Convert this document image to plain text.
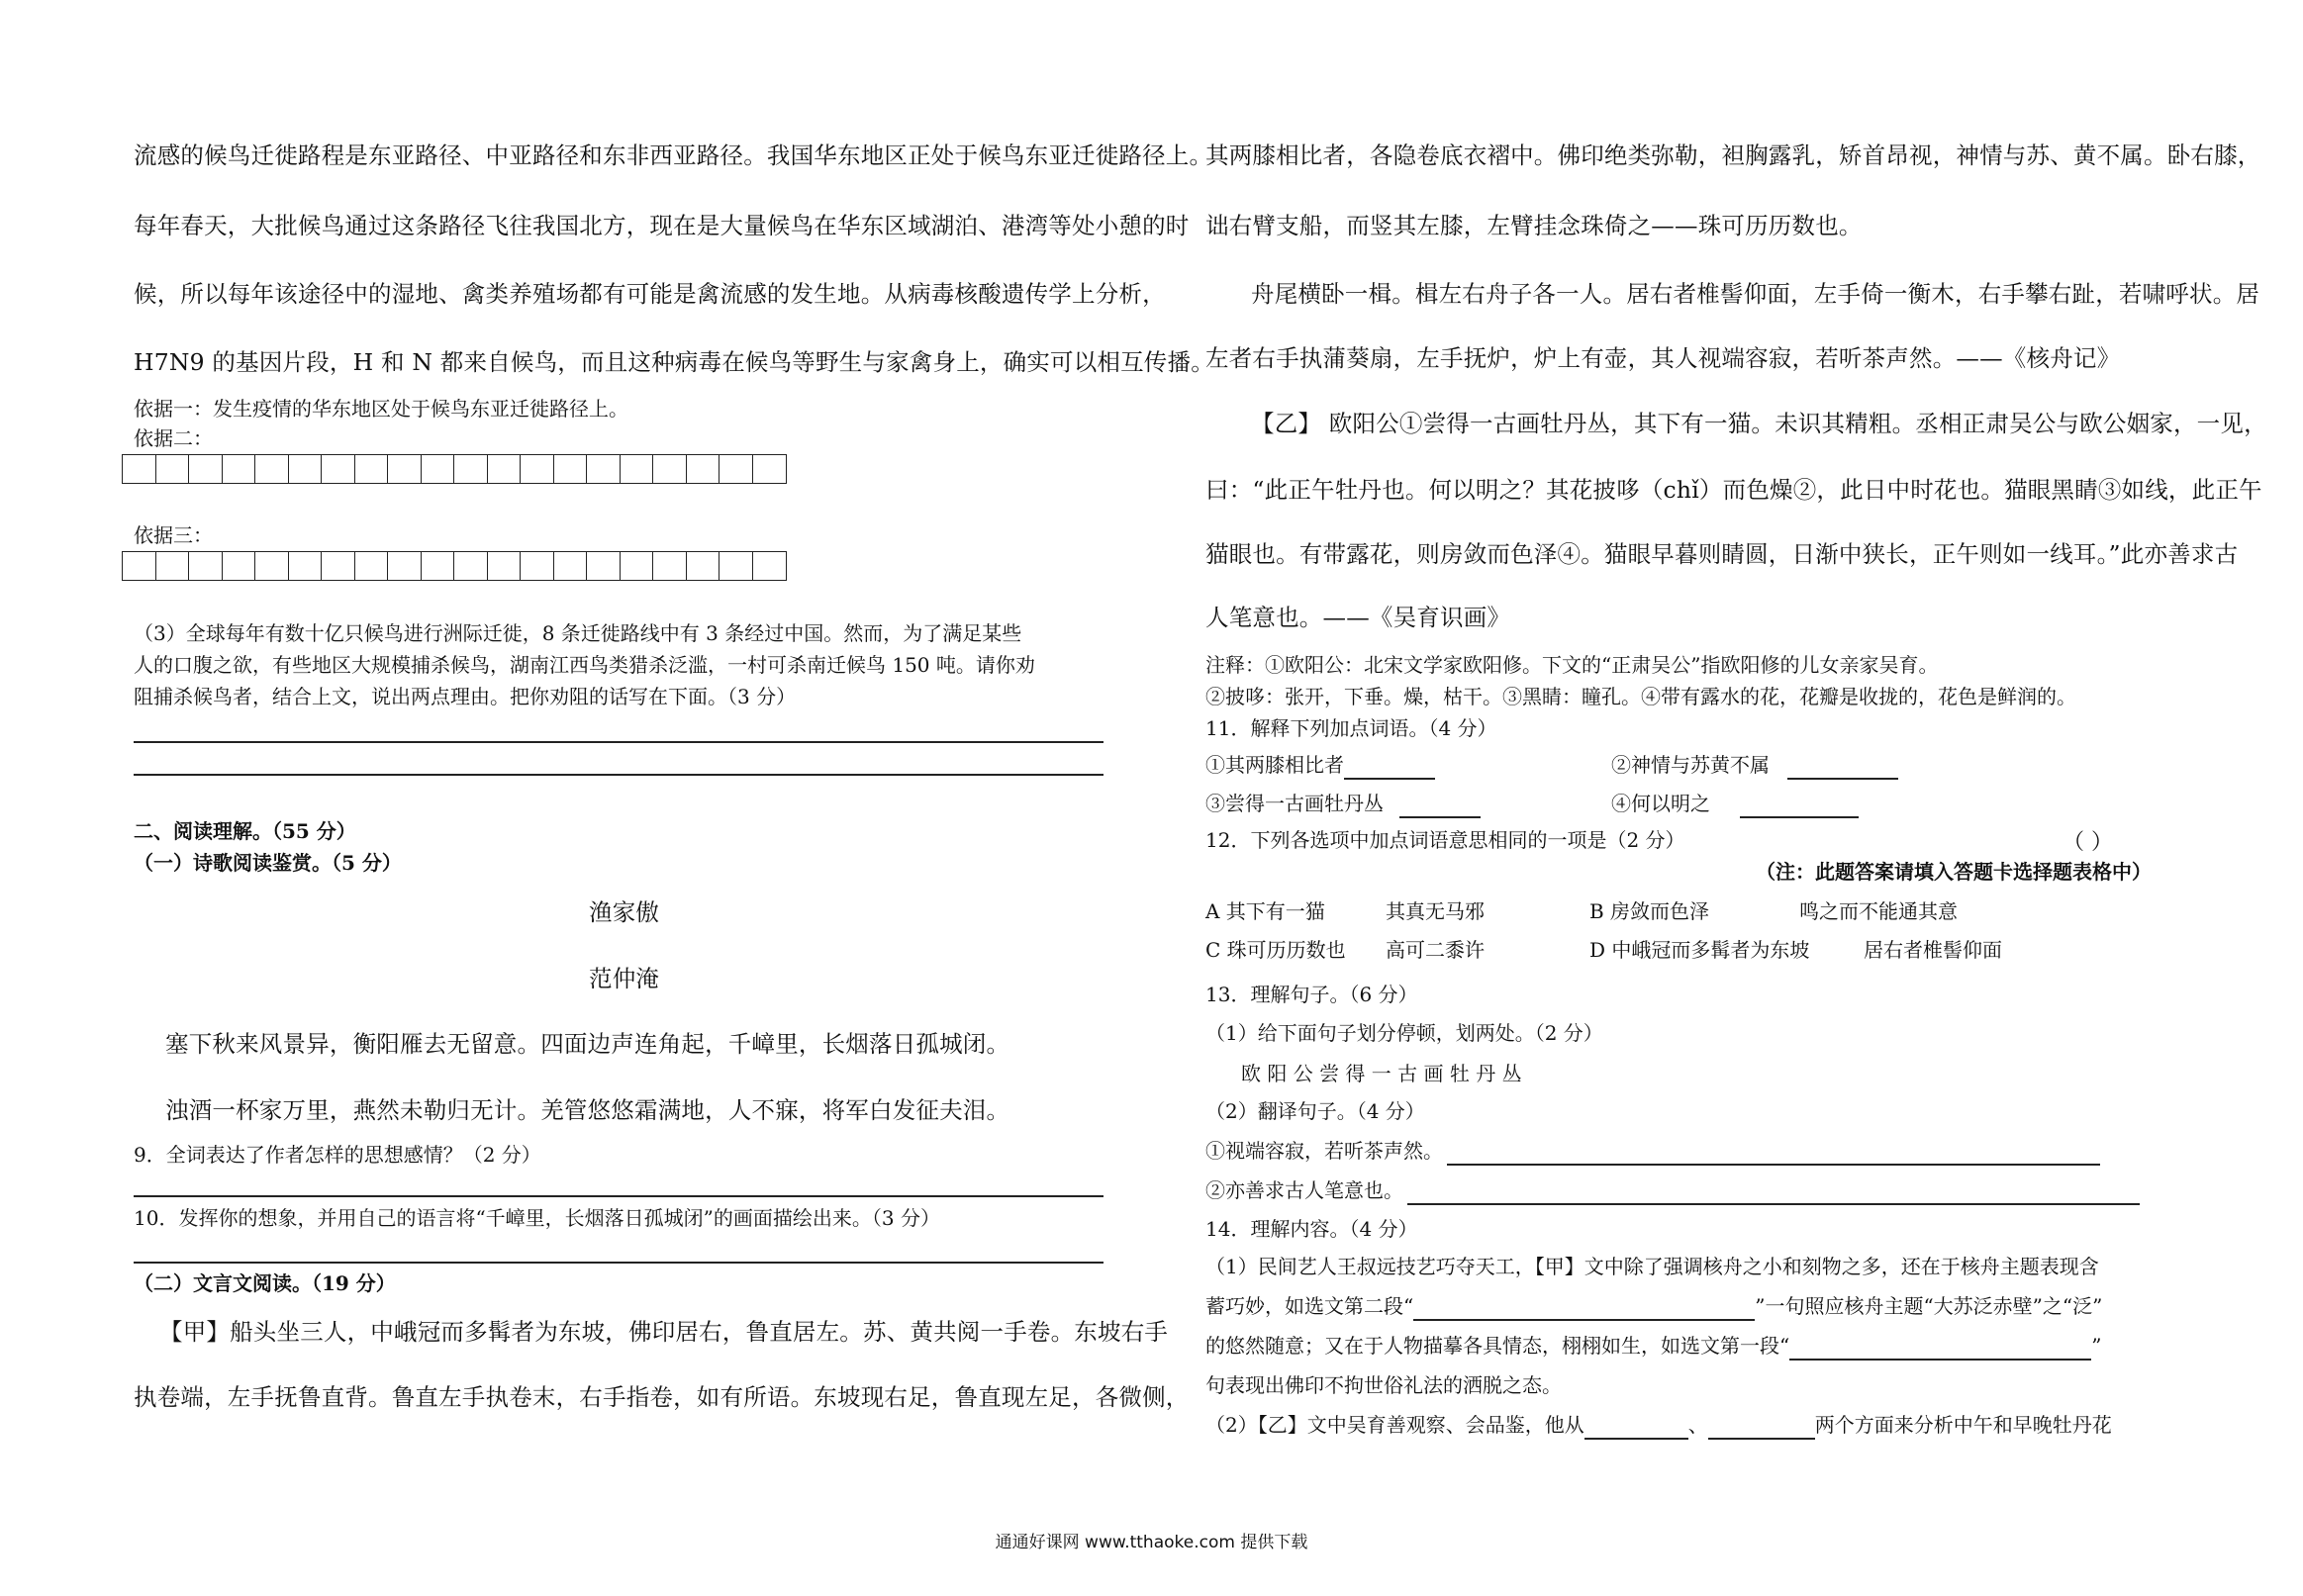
流感的候鸟迁徙路程是东亚路径、中亚路径和东非西亚路径。我国华东地区正处于候鸟东亚迁徙路径上。
每年春天，大批候鸟通过这条路径飞往我国北方，现在是大量候鸟在华东区域湖泊、港湾等处小憩的时
候，所以每年该途径中的湿地、禽类养殖场都有可能是禽流感的发生地。从病毒核酸遗传学上分析，
H7N9 的基因片段，H 和 N 都来自候鸟，而且这种病毒在候鸟等野生与家禽身上，确实可以相互传播。
依据一：发生疫情的华东地区处于候鸟东亚迁徙路径上。
依据二：
依据三：
（3）全球每年有数十亿只候鸟进行洲际迁徙，8 条迁徙路线中有 3 条经过中国。然而，为了满足某些
人的口腹之欲，有些地区大规模捕杀候鸟，湖南江西鸟类猎杀泛滥，一村可杀南迁候鸟 150 吨。请你劝
阻捕杀候鸟者，结合上文，说出两点理由。把你劝阻的话写在下面。（3 分）
二、阅读理解。（55 分）
（一）诗歌阅读鉴赏。（5 分）
渔家傲
范仲淹
塞下秋来风景异，衡阳雁去无留意。四面边声连角起，千嶂里，长烟落日孤城闭。
浊酒一杯家万里，燕然未勒归无计。羌管悠悠霜满地，人不寐，将军白发征夫泪。
9．全词表达了作者怎样的思想感情？（2 分）
10．发挥你的想象，并用自己的语言将“千嶂里，长烟落日孤城闭”的画面描绘出来。（3 分）
（二）文言文阅读。（19 分）
【甲】船头坐三人，中峨冠而多髯者为东坡，佛印居右，鲁直居左。苏、黄共阅一手卷。东坡右手
执卷端，左手抚鲁直背。鲁直左手执卷末，右手指卷，如有所语。东坡现右足，鲁直现左足，各微侧，
其两膝相比者，各隐卷底衣褶中。佛印绝类弥勒，袒胸露乳，矫首昂视，神情与苏、黄不属。卧右膝，
诎右臂支船，而竖其左膝，左臂挂念珠倚之——珠可历历数也。
舟尾横卧一楫。楫左右舟子各一人。居右者椎髻仰面，左手倚一衡木，右手攀右趾，若啸呼状。居
左者右手执蒲葵扇，左手抚炉，炉上有壶，其人视端容寂，若听茶声然。——《核舟记》
【乙】 欧阳公①尝得一古画牡丹丛，其下有一猫。未识其精粗。丞相正肃吴公与欧公姻家，一见，
曰：“此正午牡丹也。何以明之？其花披哆（chǐ）而色燥②，此日中时花也。猫眼黑睛③如线，此正午
猫眼也。有带露花，则房敛而色泽④。猫眼早暮则睛圆，日渐中狭长，正午则如一线耳。”此亦善求古
人笔意也。——《吴育识画》
注释：①欧阳公：北宋文学家欧阳修。下文的“正肃吴公”指欧阳修的儿女亲家吴育。
②披哆：张开，下垂。燥，枯干。③黑睛：瞳孔。④带有露水的花，花瓣是收拢的，花色是鲜润的。
11．解释下列加点词语。（4 分）
①其两膝相比者	②神情与苏黄不属
③尝得一古画牡丹丛	④何以明之
12．下列各选项中加点词语意思相同的一项是（2 分）	（ ）
（注：此题答案请填入答题卡选择题表格中）
A 其下有一猫	其真无马邪	B 房敛而色泽	鸣之而不能通其意
C 珠可历历数也 高可二黍许	D 中峨冠而多髯者为东坡	居右者椎髻仰面
13．理解句子。（6 分）
（1）给下面句子划分停顿，划两处。（2 分）
欧 阳 公 尝 得 一 古 画 牡 丹 丛
（2）翻译句子。（4 分）
①视端容寂，若听茶声然。
②亦善求古人笔意也。
14．理解内容。（4 分）
（1）民间艺人王叔远技艺巧夺天工，【甲】文中除了强调核舟之小和刻物之多，还在于核舟主题表现含
蓄巧妙，如选文第二段“	”一句照应核舟主题“大苏泛赤壁”之“泛”
的悠然随意；又在于人物描摹各具情态，栩栩如生，如选文第一段“	”
句表现出佛印不拘世俗礼法的洒脱之态。
（2）【乙】文中吴育善观察、会品鉴，他从	、	两个方面来分析中午和早晚牡丹花
通通好课网 www.tthaoke.com 提供下载
